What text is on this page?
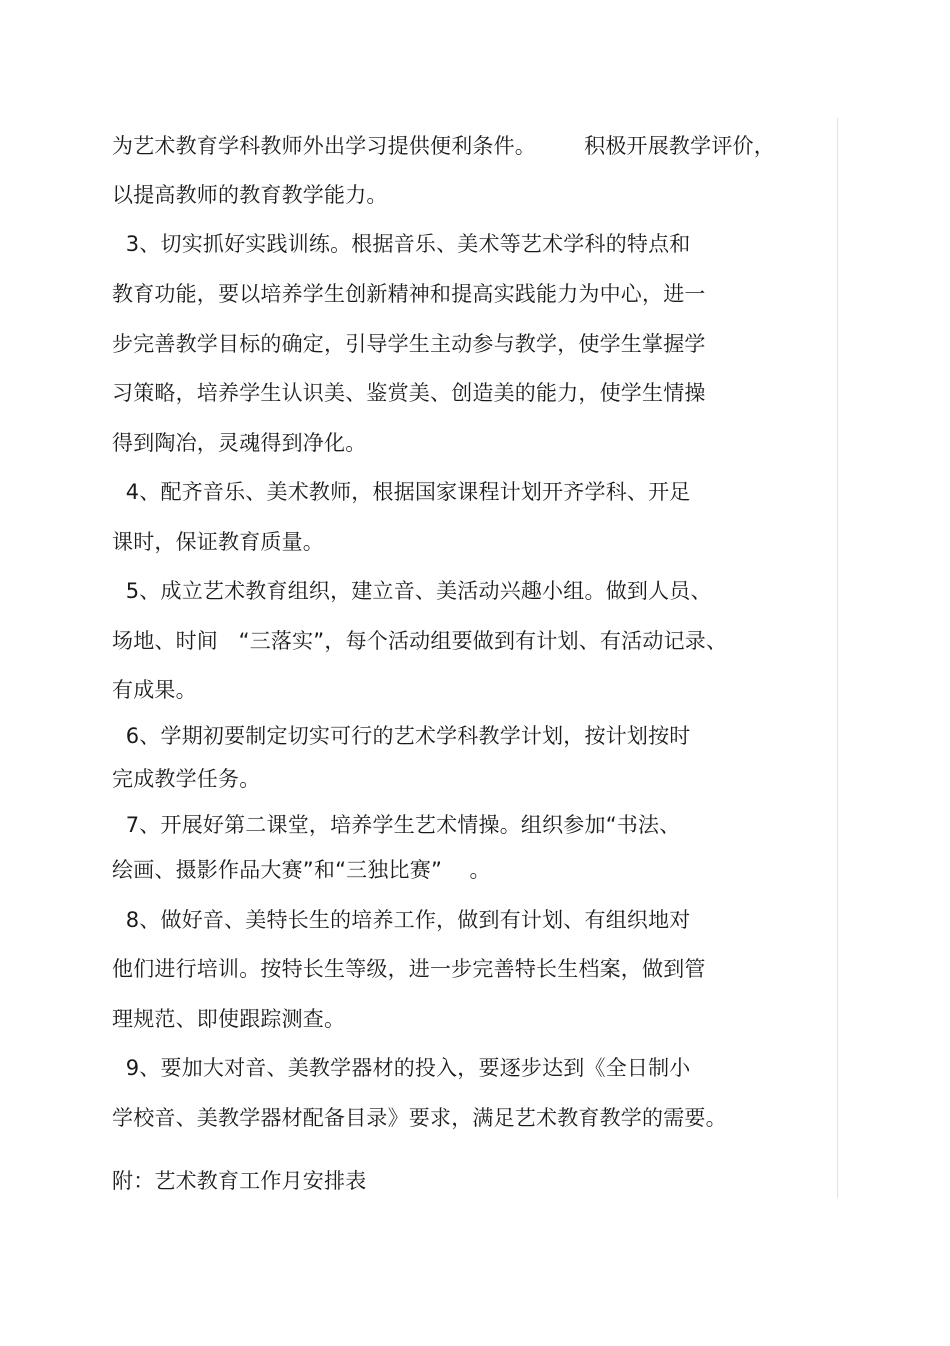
为艺术教育学科教师外出学习提供便利条件。       积极开展教学评价，
以提高教师的教育教学能力。
3、切实抓好实践训练。根据音乐、美术等艺术学科的特点和
教育功能，要以培养学生创新精神和提高实践能力为中心，进一
步完善教学目标的确定，引导学生主动参与教学，使学生掌握学
习策略，培养学生认识美、鉴赏美、创造美的能力，使学生情操
得到陶冶，灵魂得到净化。
4、配齐音乐、美术教师，根据国家课程计划开齐学科、开足
课时，保证教育质量。
5、成立艺术教育组织，建立音、美活动兴趣小组。做到人员、
场地、时间   “三落实”，每个活动组要做到有计划、有活动记录、
有成果。
6、学期初要制定切实可行的艺术学科教学计划，按计划按时
完成教学任务。
7、开展好第二课堂，培养学生艺术情操。组织参加“书法、
绘画、摄影作品大赛”和“三独比赛”    。
8、做好音、美特长生的培养工作，做到有计划、有组织地对
他们进行培训。按特长生等级，进一步完善特长生档案，做到管
理规范、即使跟踪测查。
9、要加大对音、美教学器材的投入，要逐步达到《全日制小
学校音、美教学器材配备目录》要求，满足艺术教育教学的需要。
附：艺术教育工作月安排表
